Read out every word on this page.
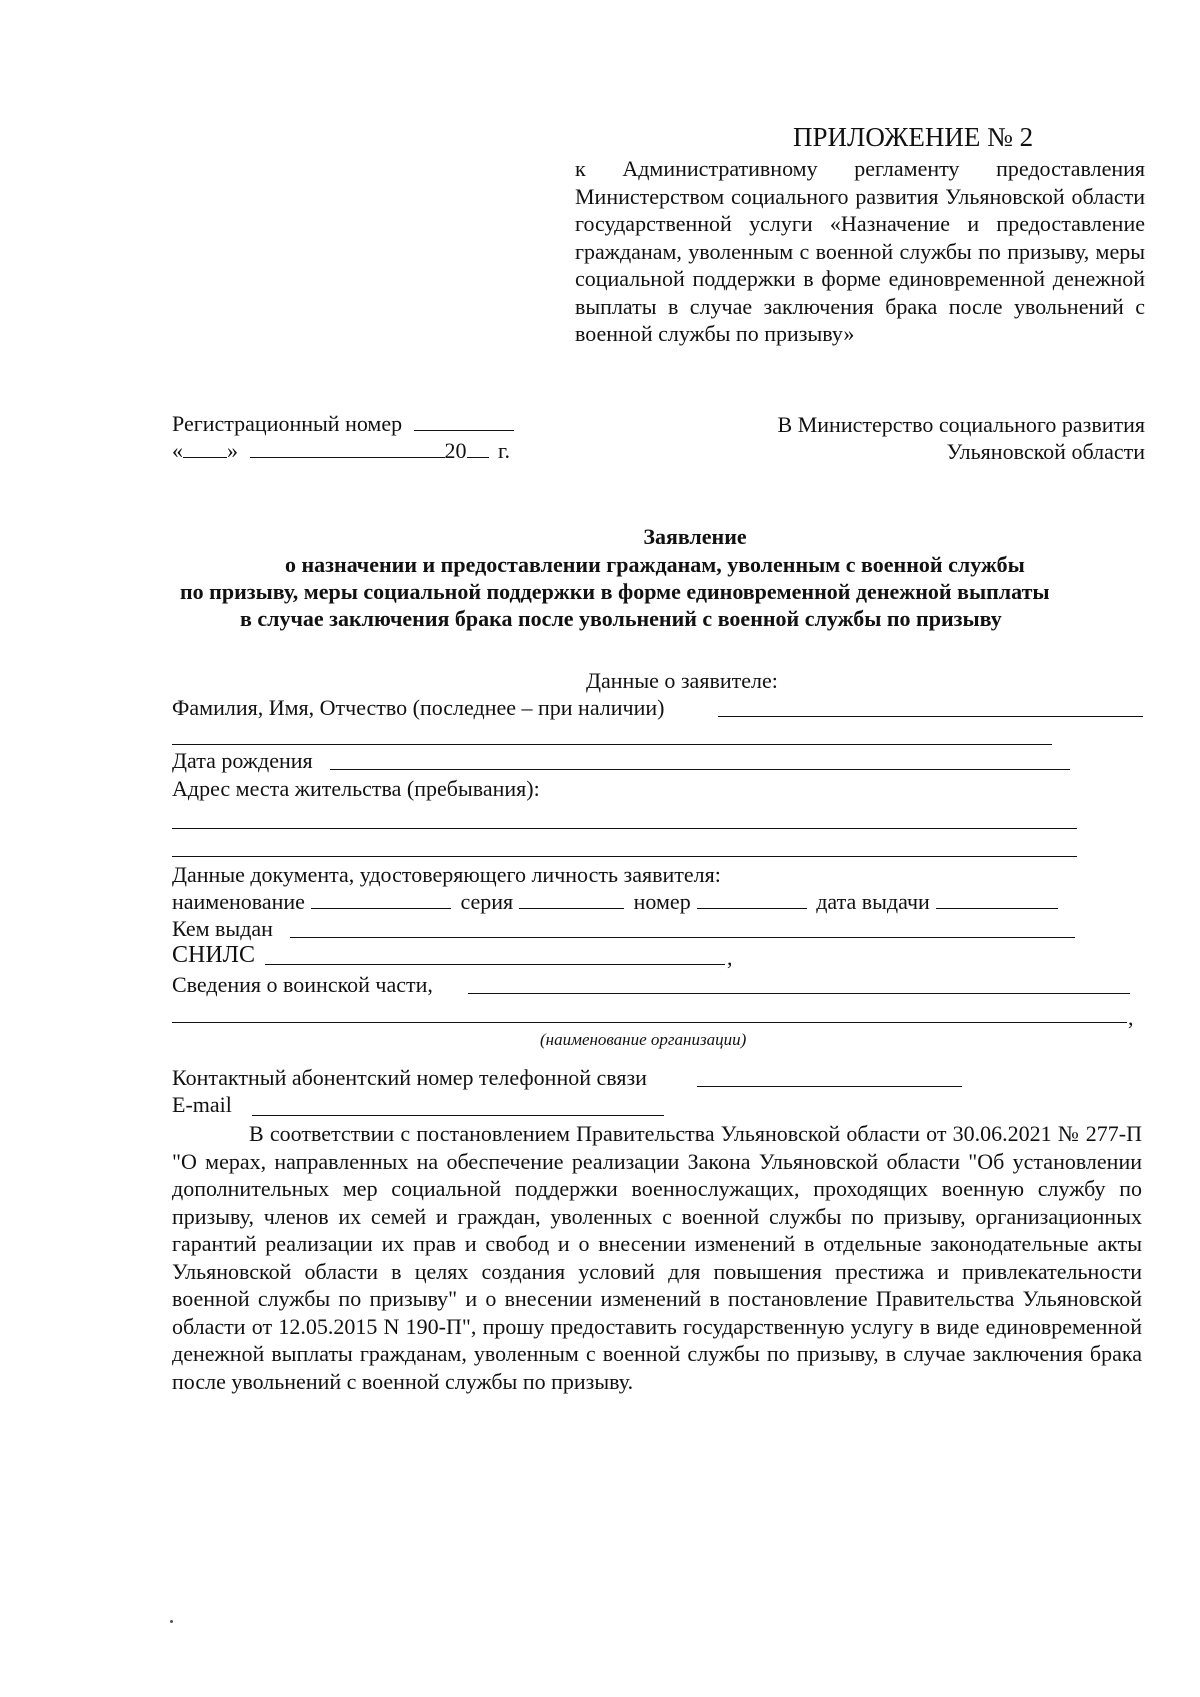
ПРИЛОЖЕНИЕ № 2
к Административному регламенту предоставления Министерством социального развития Ульяновской области государственной услуги «Назначение и предоставление гражданам, уволенным с военной службы по призыву, меры социальной поддержки в форме единовременной денежной выплаты в случае заключения брака после увольнений с военной службы по призыву»
Регистрационный номер
« »	20 г.
В Министерство социального развития
Ульяновской области
Заявление
о назначении и предоставлении гражданам, уволенным с военной службы
по призыву, меры социальной поддержки в форме единовременной денежной выплаты
в случае заключения брака после увольнений с военной службы по призыву
Данные о заявителе:
Фамилия, Имя, Отчество (последнее – при наличии)
Дата рождения
Адрес места жительства (пребывания):
Данные документа, удостоверяющего личность заявителя:
наименование	серия	номер	дата выдачи
Кем выдан
СНИЛС	,
Сведения о воинской части,
,
(наименование организации)
Контактный абонентский номер телефонной связи
E-mail
В соответствии с постановлением Правительства Ульяновской области от 30.06.2021 № 277-П "О мерах, направленных на обеспечение реализации Закона Ульяновской области "Об установлении дополнительных мер социальной поддержки военнослужащих, проходящих военную службу по призыву, членов их семей и граждан, уволенных с военной службы по призыву, организационных гарантий реализации их прав и свобод и о внесении изменений в отдельные законодательные акты Ульяновской области в целях создания условий для повышения престижа и привлекательности военной службы по призыву" и о внесении изменений в постановление Правительства Ульяновской области от 12.05.2015 N 190-П", прошу предоставить государственную услугу в виде единовременной денежной выплаты гражданам, уволенным с военной службы по призыву, в случае заключения брака после увольнений с военной службы по призыву.
